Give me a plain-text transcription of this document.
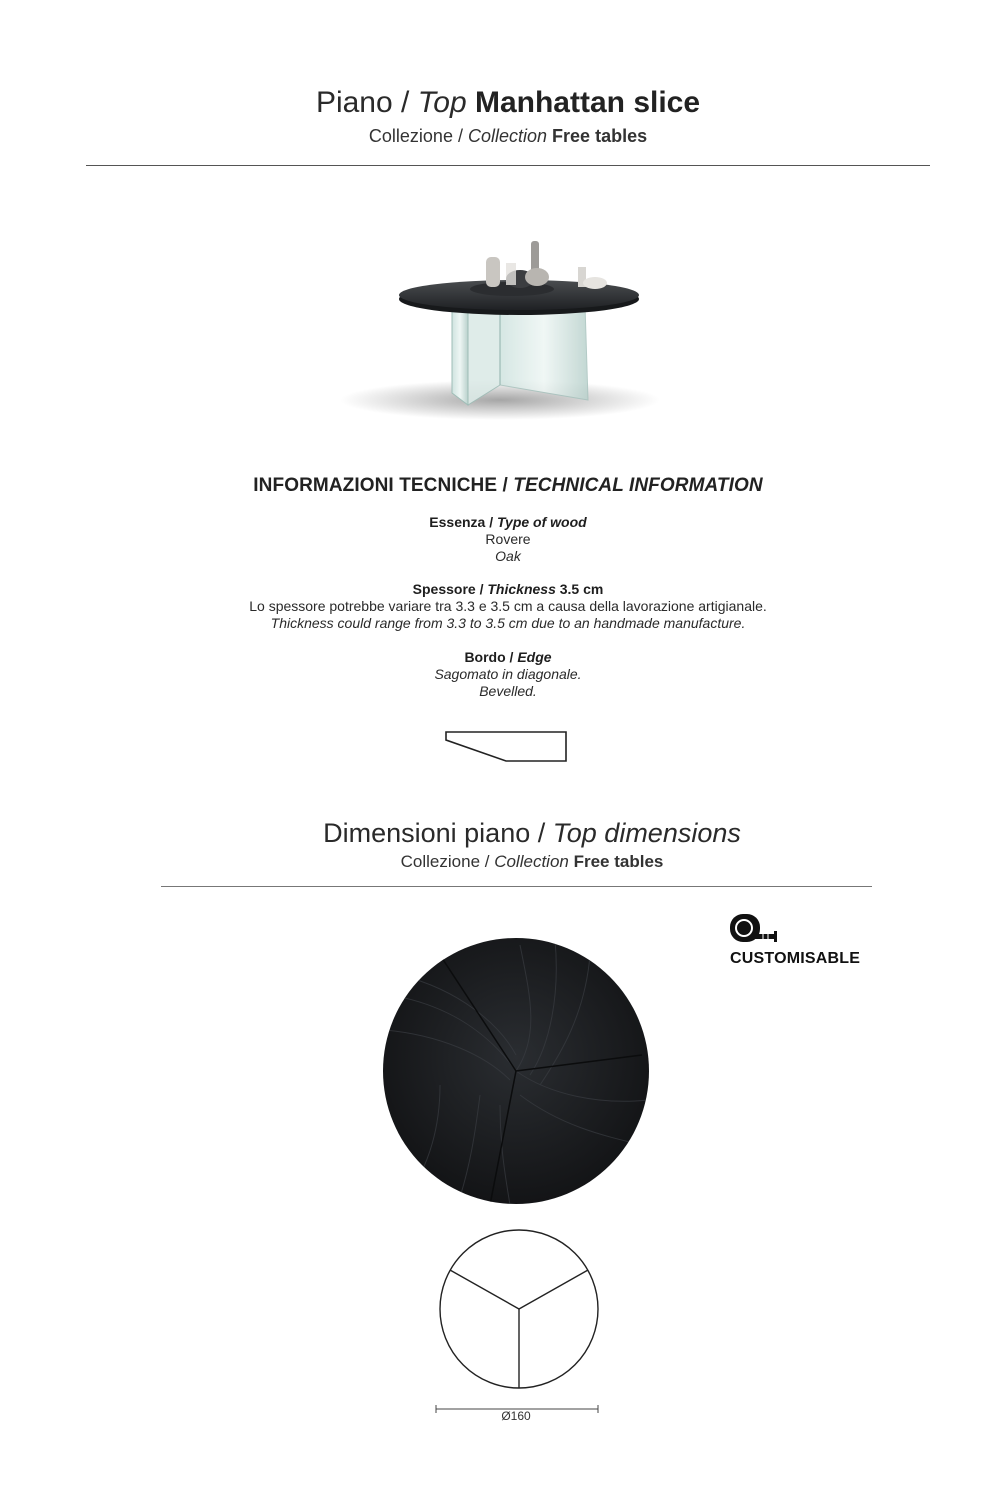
Piano / Top Manhattan slice
Collezione / Collection Free tables
INFORMAZIONI TECNICHE / TECHNICAL INFORMATION
Essenza / Type of wood
Rovere
Oak
Spessore / Thickness 3.5 cm
Lo spessore potrebbe variare tra 3.3 e 3.5 cm a causa della lavorazione artigianale.
Thickness could range from 3.3 to 3.5 cm due to an handmade manufacture.
Bordo / Edge
Sagomato in diagonale.
Bevelled.
Dimensioni piano / Top dimensions
Collezione / Collection Free tables
CUSTOMISABLE
Ø160
